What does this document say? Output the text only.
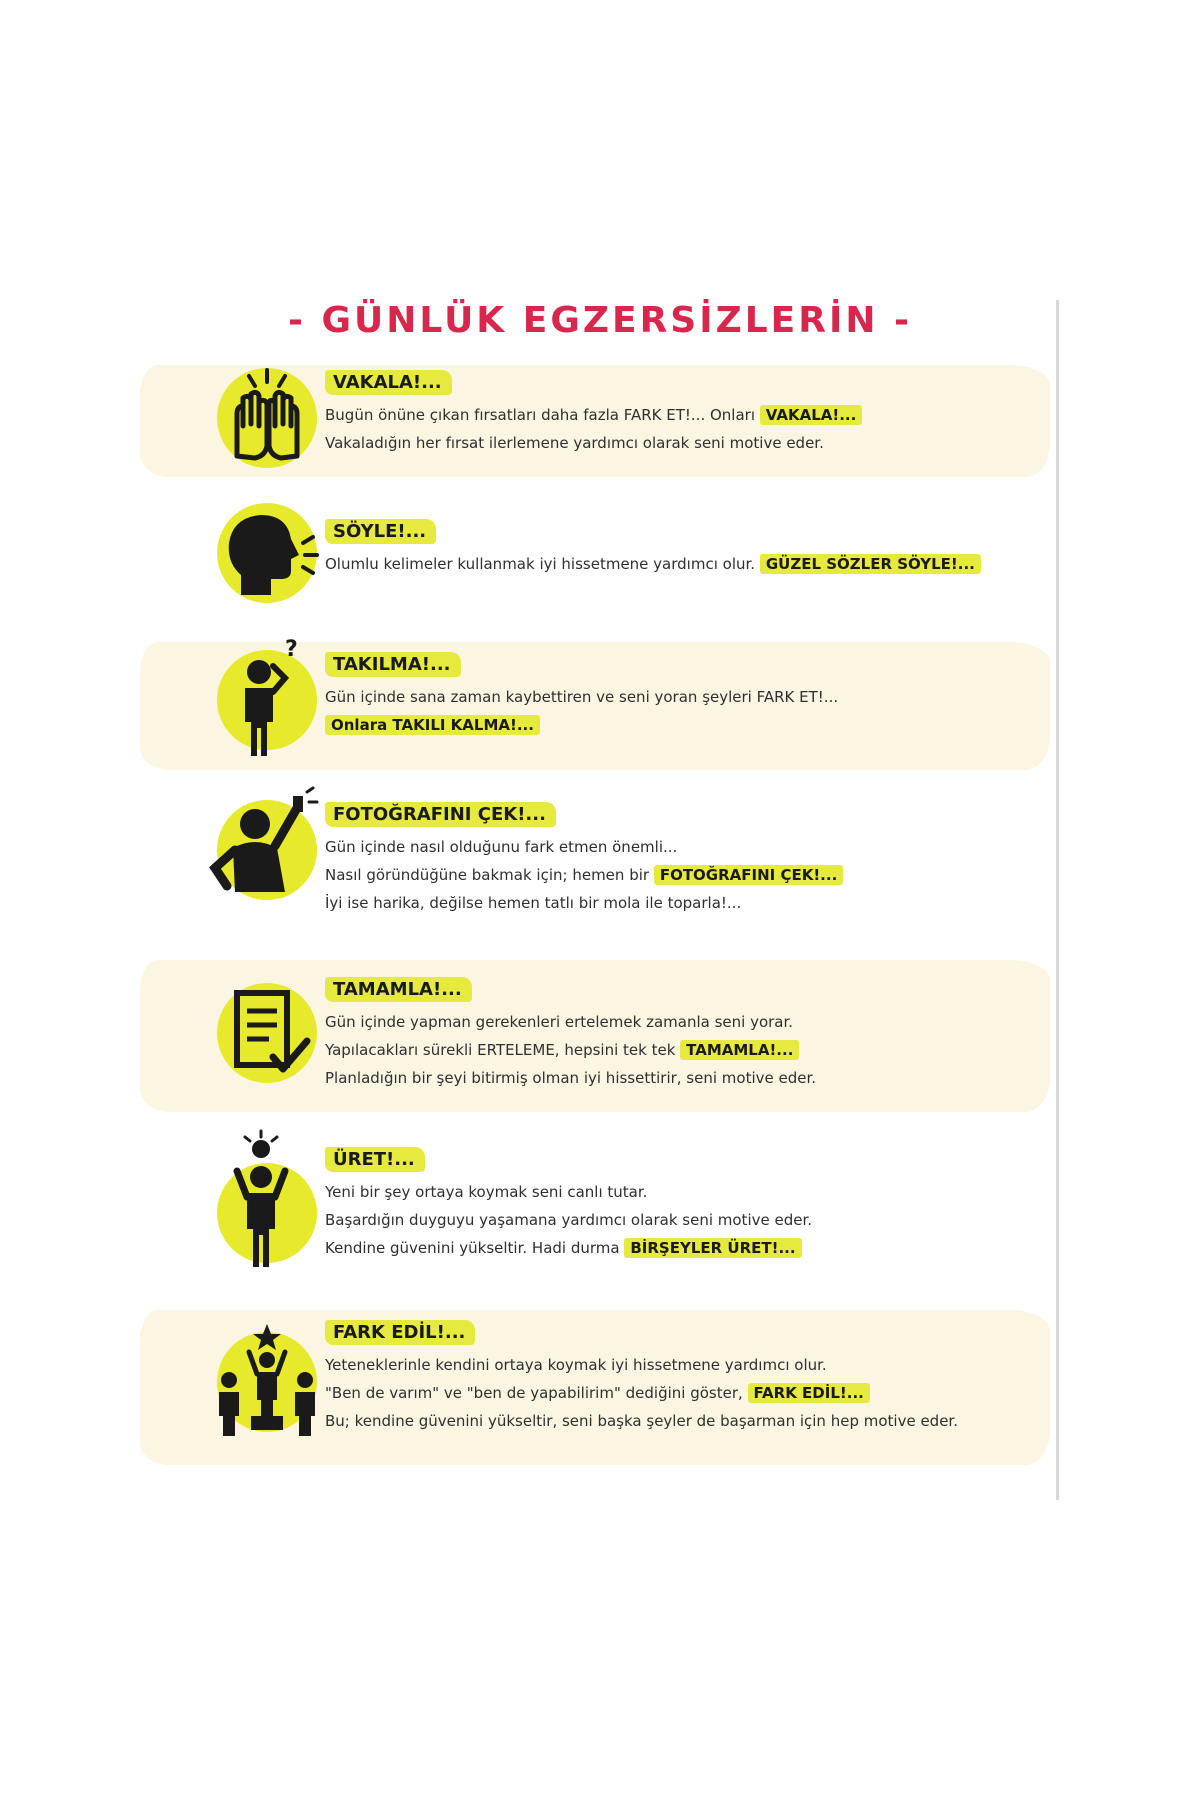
- GÜNLÜK EGZERSİZLERİN -
VAKALA!...
Bugün önüne çıkan fırsatları daha fazla FARK ET!... Onları VAKALA!...
Vakaladığın her fırsat ilerlemene yardımcı olarak seni motive eder.
SÖYLE!...
Olumlu kelimeler kullanmak iyi hissetmene yardımcı olur. GÜZEL SÖZLER SÖYLE!...
?
TAKILMA!...
Gün içinde sana zaman kaybettiren ve seni yoran şeyleri FARK ET!...
Onlara TAKILI KALMA!...
FOTOĞRAFINI ÇEK!...
Gün içinde nasıl olduğunu fark etmen önemli...
Nasıl göründüğüne bakmak için; hemen bir FOTOĞRAFINI ÇEK!...
İyi ise harika, değilse hemen tatlı bir mola ile toparla!...
TAMAMLA!...
Gün içinde yapman gerekenleri ertelemek zamanla seni yorar.
Yapılacakları sürekli ERTELEME, hepsini tek tek TAMAMLA!...
Planladığın bir şeyi bitirmiş olman iyi hissettirir, seni motive eder.
ÜRET!...
Yeni bir şey ortaya koymak seni canlı tutar.
Başardığın duyguyu yaşamana yardımcı olarak seni motive eder.
Kendine güvenini yükseltir. Hadi durma BİRŞEYLER ÜRET!...
FARK EDİL!...
Yeteneklerinle kendini ortaya koymak iyi hissetmene yardımcı olur.
"Ben de varım" ve "ben de yapabilirim" dediğini göster, FARK EDİL!...
Bu; kendine güvenini yükseltir, seni başka şeyler de başarman için hep motive eder.
